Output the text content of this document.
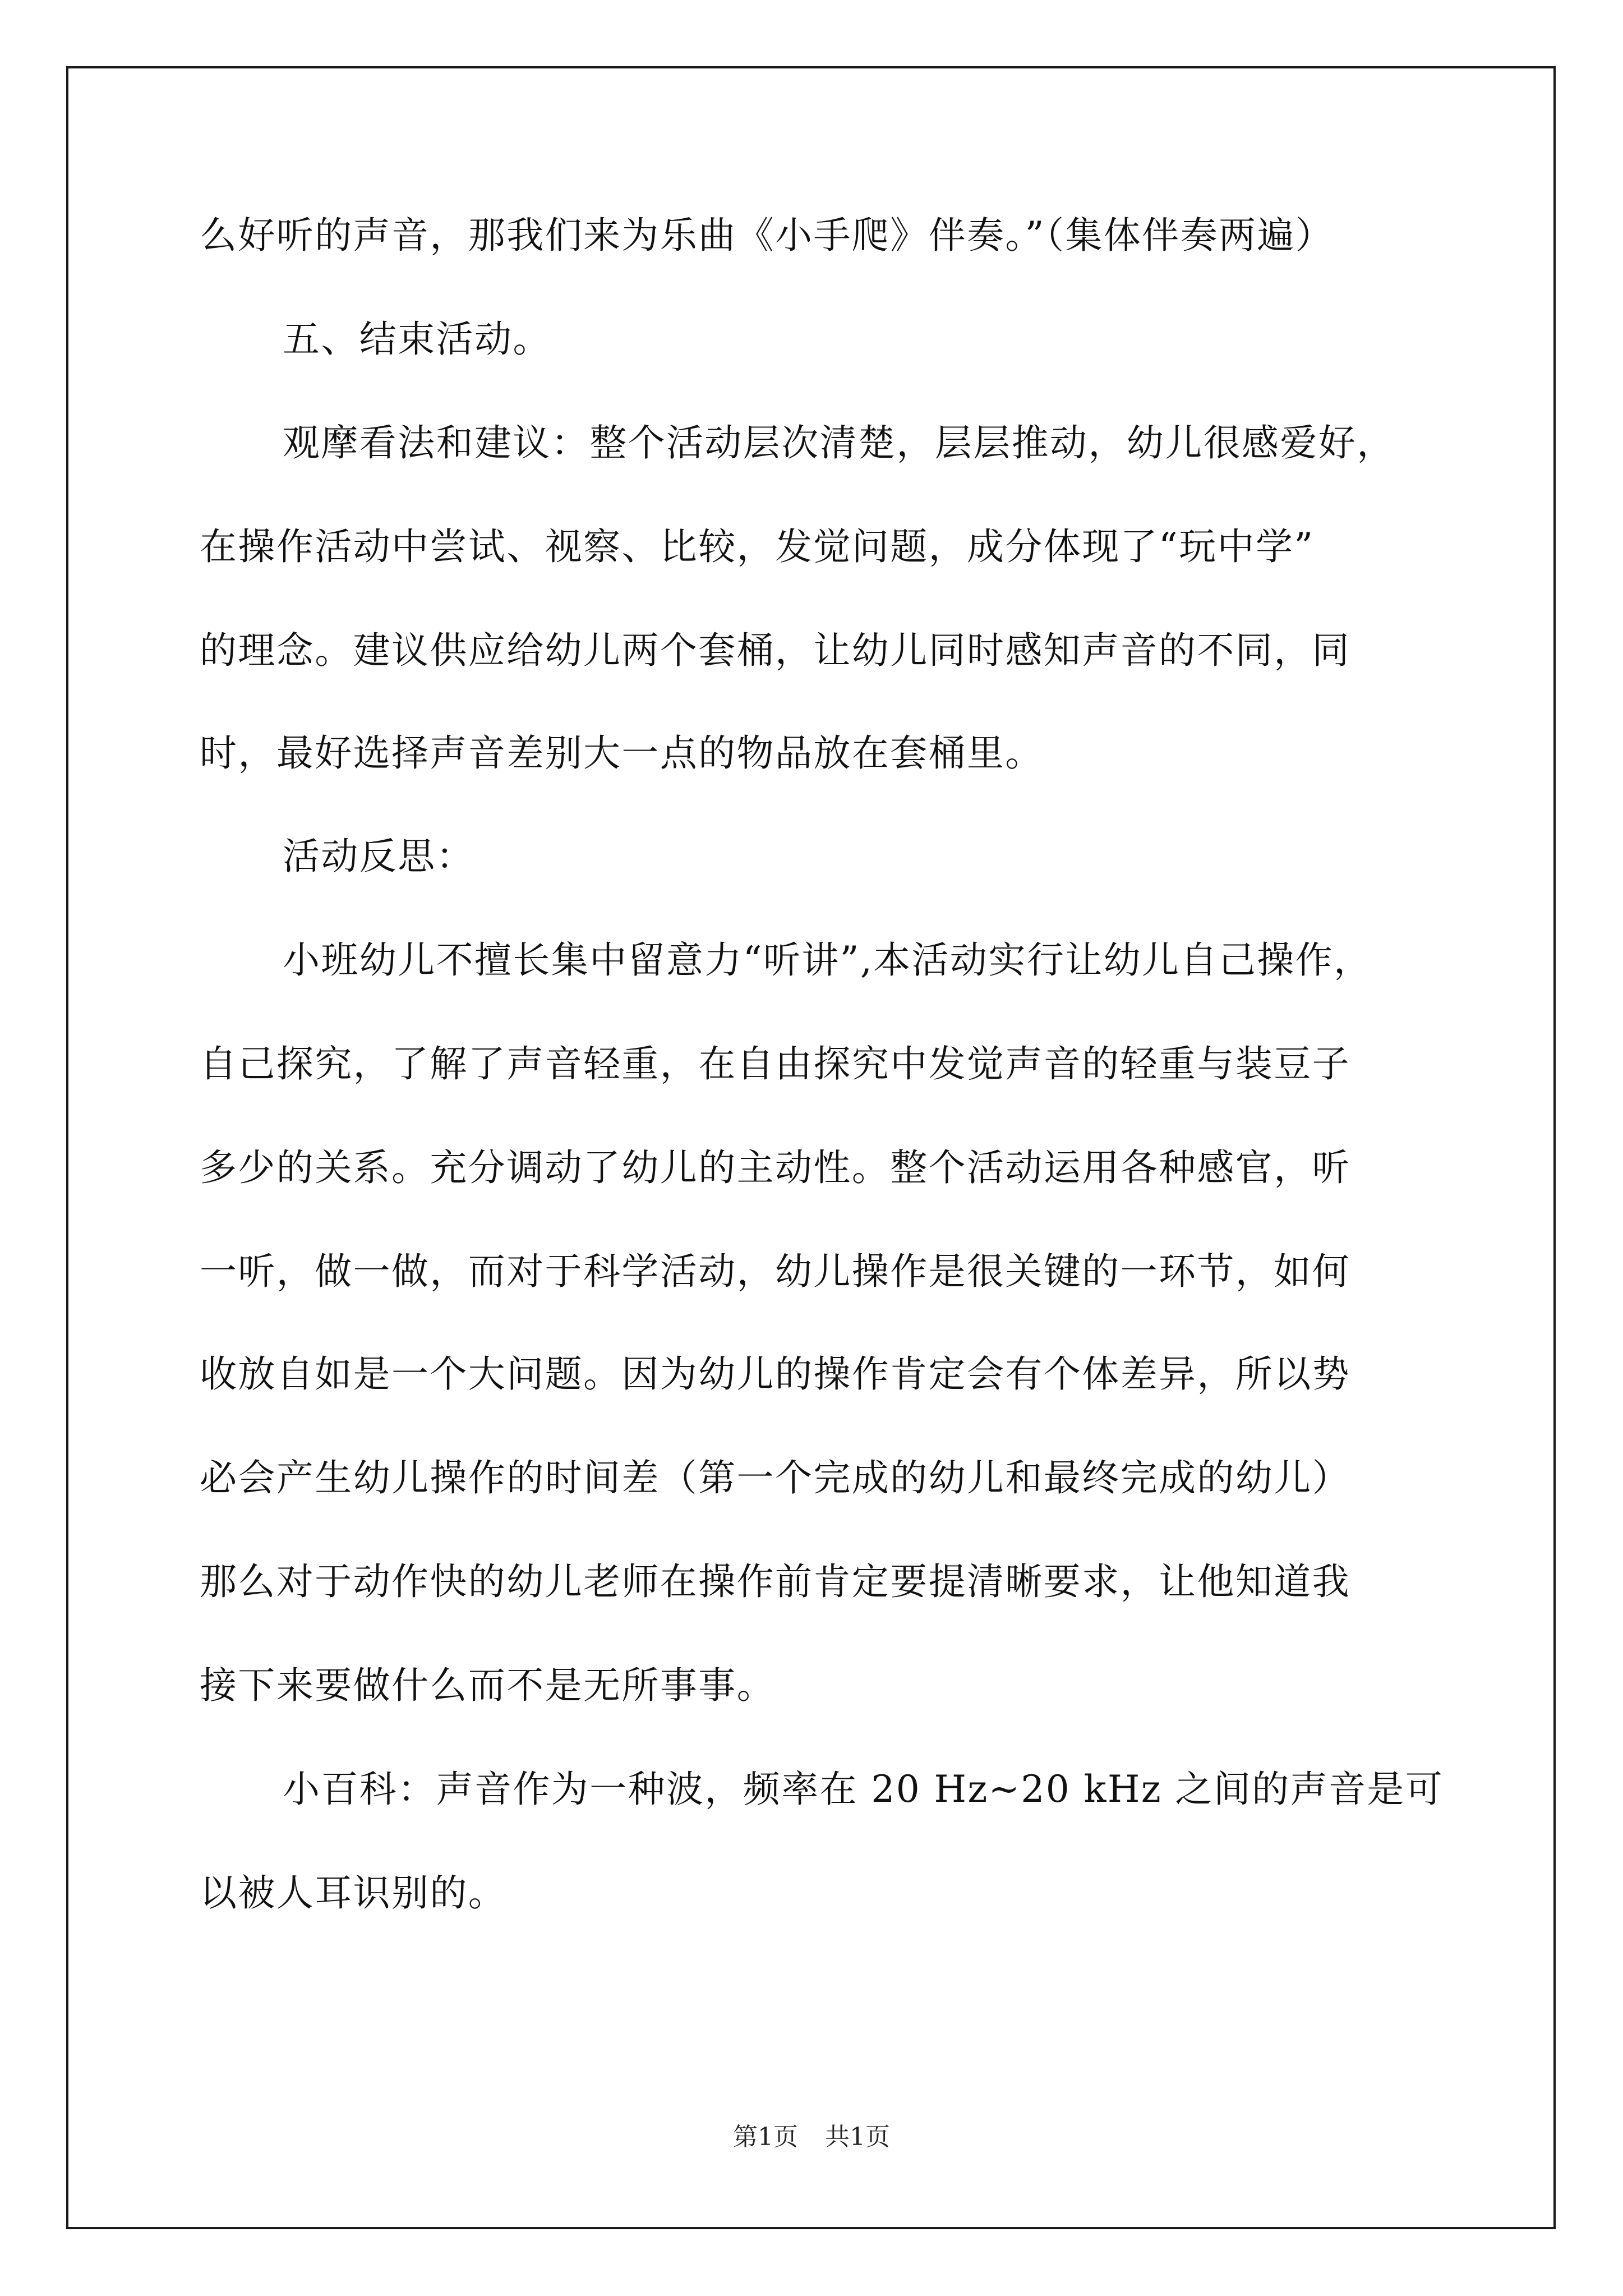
么好听的声音，那我们来为乐曲《小手爬》伴奏。”（集体伴奏两遍）
五、结束活动。
观摩看法和建议：整个活动层次清楚，层层推动，幼儿很感爱好，
在操作活动中尝试、视察、比较，发觉问题，成分体现了“玩中学”
的理念。建议供应给幼儿两个套桶，让幼儿同时感知声音的不同，同
时，最好选择声音差别大一点的物品放在套桶里。
活动反思：
小班幼儿不擅长集中留意力“听讲”,本活动实行让幼儿自己操作，
自己探究，了解了声音轻重，在自由探究中发觉声音的轻重与装豆子
多少的关系。充分调动了幼儿的主动性。整个活动运用各种感官，听
一听，做一做，而对于科学活动，幼儿操作是很关键的一环节，如何
收放自如是一个大问题。因为幼儿的操作肯定会有个体差异，所以势
必会产生幼儿操作的时间差（第一个完成的幼儿和最终完成的幼儿）
那么对于动作快的幼儿老师在操作前肯定要提清晰要求，让他知道我
接下来要做什么而不是无所事事。
小百科：声音作为一种波，频率在 20 Hz~20 kHz 之间的声音是可
以被人耳识别的。
第1页 共1页
